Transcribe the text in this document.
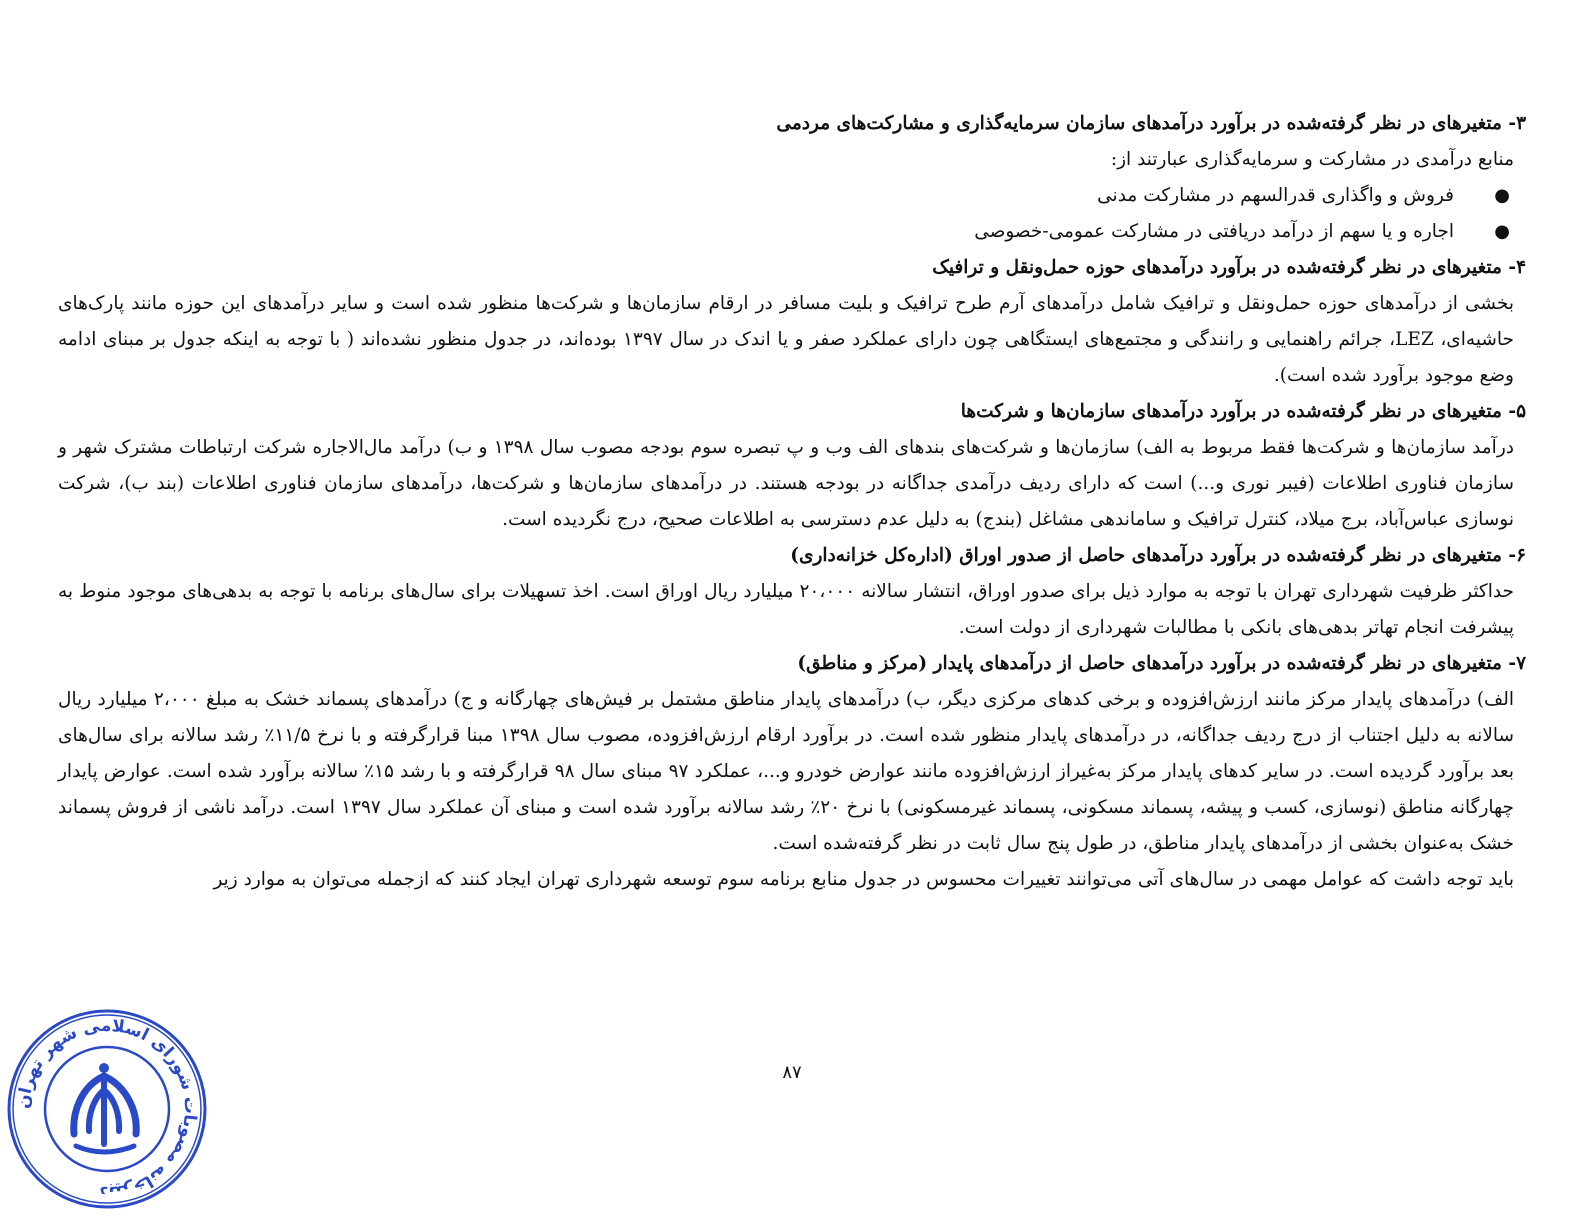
۳- متغیرهای در نظر گرفته‌شده در برآورد درآمدهای سازمان سرمایه‌گذاری و مشارکت‌های مردمی

منابع درآمدی در مشارکت و سرمایه‌گذاری عبارتند از:

●
فروش و واگذاری قدرالسهم در مشارکت مدنی
●
اجاره و یا سهم از درآمد دریافتی در مشارکت عمومی-خصوصی

۴- متغیرهای در نظر گرفته‌شده در برآورد درآمدهای حوزه حمل‌ونقل و ترافیک

بخشی از درآمدهای حوزه حمل‌ونقل و ترافیک شامل درآمدهای آرم طرح ترافیک و بلیت مسافر در ارقام سازمان‌ها و شرکت‌ها منظور شده است و سایر درآمدهای این حوزه مانند پارک‌های حاشیه‌ای، LEZ، جرائم راهنمایی و رانندگی و مجتمع‌های ایستگاهی چون دارای عملکرد صفر و یا اندک در سال ۱۳۹۷ بوده‌اند، در جدول منظور نشده‌اند ( با توجه به اینکه جدول بر مبنای ادامه وضع موجود برآورد شده است).

۵- متغیرهای در نظر گرفته‌شده در برآورد درآمدهای سازمان‌ها و شرکت‌ها

درآمد سازمان‌ها و شرکت‌ها فقط مربوط به الف) سازمان‌ها و شرکت‌های بندهای الف وب و پ تبصره سوم بودجه مصوب سال ۱۳۹۸ و ب) درآمد مال‌الاجاره شرکت ارتباطات مشترک شهر و سازمان فناوری اطلاعات (فیبر نوری و...) است که دارای ردیف درآمدی جداگانه در بودجه هستند. در درآمدهای سازمان‌ها و شرکت‌ها، درآمدهای سازمان فناوری اطلاعات (بند ب)، شرکت نوسازی عباس‌آباد، برج میلاد، کنترل ترافیک و ساماندهی مشاغل (بندج) به دلیل عدم دسترسی به اطلاعات صحیح، درج نگردیده است.

۶- متغیرهای در نظر گرفته‌شده در برآورد درآمدهای حاصل از صدور اوراق (اداره‌کل خزانه‌داری)

حداکثر ظرفیت شهرداری تهران با توجه به موارد ذیل برای صدور اوراق، انتشار سالانه ۲۰،۰۰۰ میلیارد ریال اوراق است. اخذ تسهیلات برای سال‌های برنامه با توجه به بدهی‌های موجود منوط به پیشرفت انجام تهاتر بدهی‌های بانکی با مطالبات شهرداری از دولت است.

۷- متغیرهای در نظر گرفته‌شده در برآورد درآمدهای حاصل از درآمدهای پایدار (مرکز و مناطق)

الف) درآمدهای پایدار مرکز مانند ارزش‌افزوده و برخی کدهای مرکزی دیگر، ب) درآمدهای پایدار مناطق مشتمل بر فیش‌های چهارگانه و ج) درآمدهای پسماند خشک به مبلغ ۲،۰۰۰ میلیارد ریال سالانه به دلیل اجتناب از درج ردیف جداگانه، در درآمدهای پایدار منظور شده است. در برآورد ارقام ارزش‌افزوده، مصوب سال ۱۳۹۸ مبنا قرارگرفته و با نرخ ۱۱/۵٪ رشد سالانه برای سال‌های بعد برآورد گردیده است. در سایر کدهای پایدار مرکز به‌غیراز ارزش‌افزوده مانند عوارض خودرو و...، عملکرد ۹۷ مبنای سال ۹۸ قرارگرفته و با رشد ۱۵٪ سالانه برآورد شده است. عوارض پایدار چهارگانه مناطق (نوسازی، کسب و پیشه، پسماند مسکونی، پسماند غیرمسکونی) با نرخ ۲۰٪ رشد سالانه برآورد شده است و مبنای آن عملکرد سال ۱۳۹۷ است. درآمد ناشی از فروش پسماند خشک به‌عنوان بخشی از درآمدهای پایدار مناطق، در طول پنج سال ثابت در نظر گرفته‌شده است.

باید توجه داشت که عوامل مهمی در سال‌های آتی می‌توانند تغییرات محسوس در جدول منابع برنامه سوم توسعه شهرداری تهران ایجاد کنند که ازجمله می‌توان به موارد زیر

۸۷
دبیرخانه مصوبات شورای اسلامی شهر تهران
